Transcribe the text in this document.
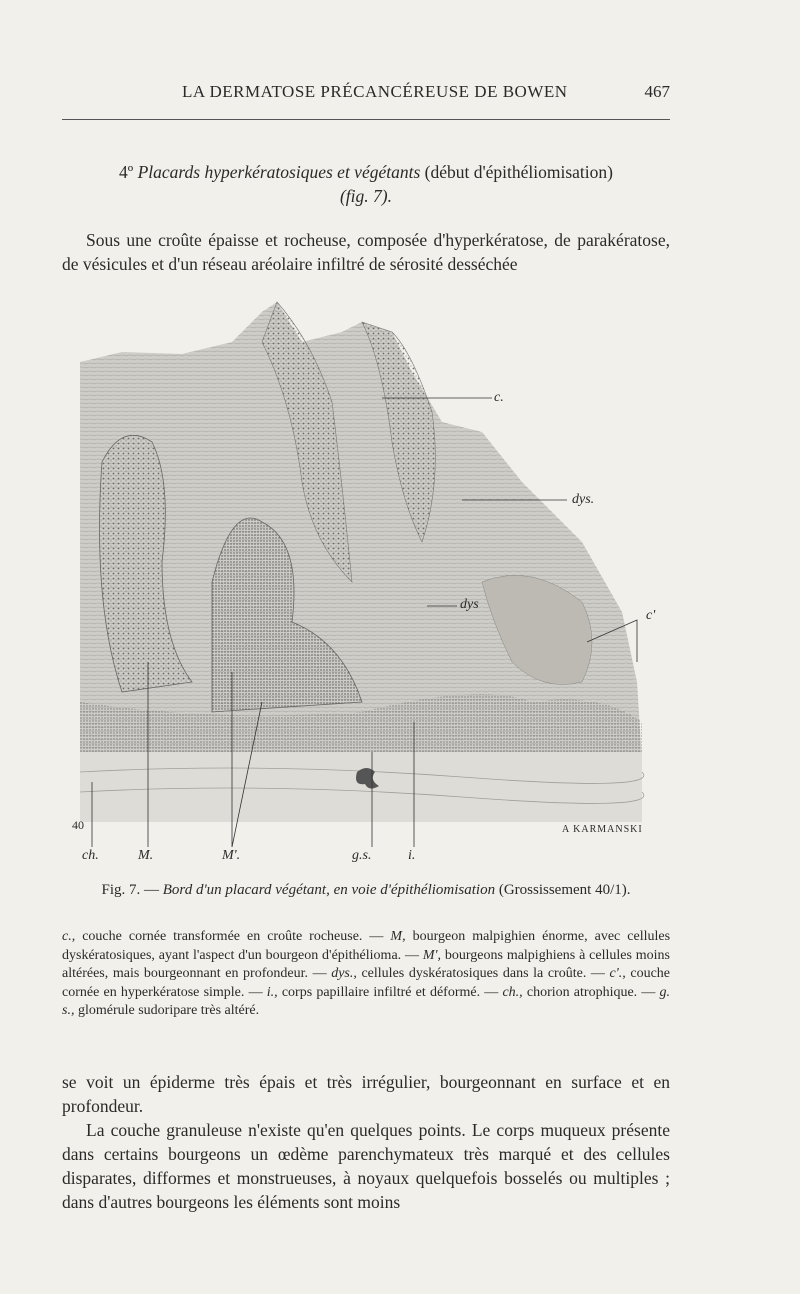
LA DERMATOSE PRÉCANCÉREUSE DE BOWEN	467
4º Placards hyperkératosiques et végétants (début d'épithéliomisation)
(fig. 7).
Sous une croûte épaisse et rocheuse, composée d'hyperkératose, de parakératose, de vésicules et d'un réseau aréolaire infiltré de sérosité desséchée
c.
dys.
dys
c'
40	A KARMANSKI
ch.	M.	M'.	g.s.	i.
Fig. 7. — Bord d'un placard végétant, en voie d'épithéliomisation (Grossissement 40/1).
c., couche cornée transformée en croûte rocheuse. — M, bourgeon malpighien énorme, avec cellules dyskératosiques, ayant l'aspect d'un bourgeon d'épithélioma. — M', bourgeons malpighiens à cellules moins altérées, mais bourgeonnant en profondeur. — dys., cellules dyskératosiques dans la croûte. — c'., couche cornée en hyperkératose simple. — i., corps papillaire infiltré et déformé. — ch., chorion atrophique. — g. s., glomérule sudoripare très altéré.
se voit un épiderme très épais et très irrégulier, bourgeonnant en surface et en profondeur.
La couche granuleuse n'existe qu'en quelques points. Le corps muqueux présente dans certains bourgeons un œdème parenchymateux très marqué et des cellules disparates, difformes et monstrueuses, à noyaux quelquefois bosselés ou multiples ; dans d'autres bourgeons les éléments sont moins
